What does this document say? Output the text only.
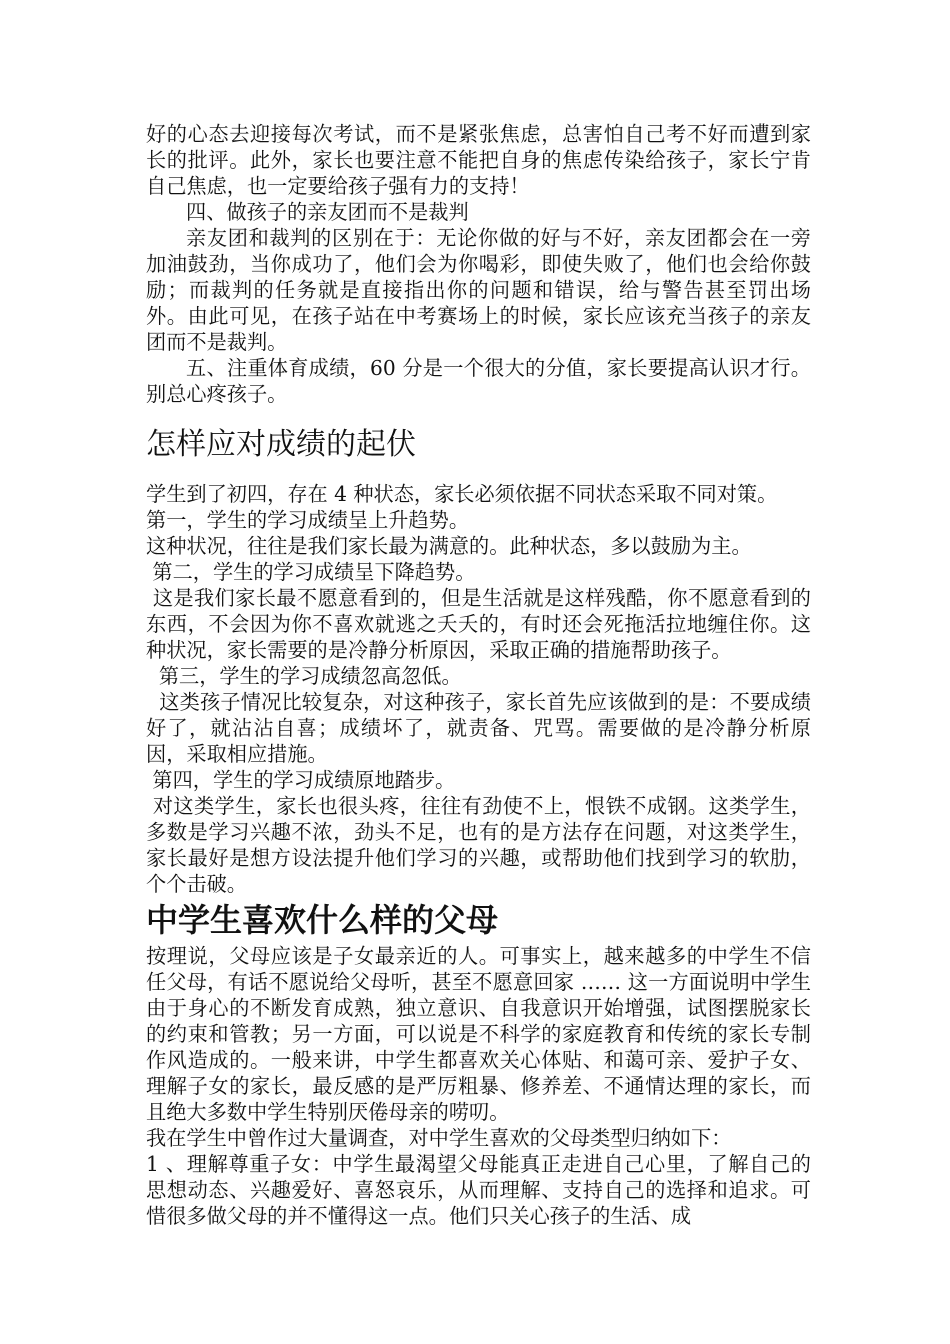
好的心态去迎接每次考试，而不是紧张焦虑，总害怕自己考不好而遭到家长的批评。此外，家长也要注意不能把自身的焦虑传染给孩子，家长宁肯自己焦虑，也一定要给孩子强有力的支持！

四、做孩子的亲友团而不是裁判

亲友团和裁判的区别在于：无论你做的好与不好，亲友团都会在一旁加油鼓劲，当你成功了，他们会为你喝彩，即使失败了，他们也会给你鼓励；而裁判的任务就是直接指出你的问题和错误，给与警告甚至罚出场外。由此可见，在孩子站在中考赛场上的时候，家长应该充当孩子的亲友团而不是裁判。

五、注重体育成绩，60 分是一个很大的分值，家长要提高认识才行。别总心疼孩子。

怎样应对成绩的起伏

学生到了初四，存在 4 种状态，家长必须依据不同状态采取不同对策。

第一，学生的学习成绩呈上升趋势。

这种状况，往往是我们家长最为满意的。此种状态，多以鼓励为主。

第二，学生的学习成绩呈下降趋势。

这是我们家长最不愿意看到的，但是生活就是这样残酷，你不愿意看到的东西，不会因为你不喜欢就逃之夭夭的，有时还会死拖活拉地缠住你。这种状况，家长需要的是冷静分析原因，采取正确的措施帮助孩子。

第三，学生的学习成绩忽高忽低。

这类孩子情况比较复杂，对这种孩子，家长首先应该做到的是：不要成绩好了，就沾沾自喜；成绩坏了，就责备、咒骂。需要做的是冷静分析原因，采取相应措施。

第四，学生的学习成绩原地踏步。

对这类学生，家长也很头疼，往往有劲使不上，恨铁不成钢。这类学生，多数是学习兴趣不浓，劲头不足，也有的是方法存在问题，对这类学生，家长最好是想方设法提升他们学习的兴趣，或帮助他们找到学习的软肋，个个击破。

中学生喜欢什么样的父母

按理说，父母应该是子女最亲近的人。可事实上，越来越多的中学生不信任父母，有话不愿说给父母听，甚至不愿意回家 …… 这一方面说明中学生由于身心的不断发育成熟，独立意识、自我意识开始增强，试图摆脱家长的约束和管教；另一方面，可以说是不科学的家庭教育和传统的家长专制作风造成的。一般来讲，中学生都喜欢关心体贴、和蔼可亲、爱护子女、理解子女的家长，最反感的是严厉粗暴、修养差、不通情达理的家长，而且绝大多数中学生特别厌倦母亲的唠叨。

我在学生中曾作过大量调查，对中学生喜欢的父母类型归纳如下：

1 、理解尊重子女：中学生最渴望父母能真正走进自己心里，了解自己的思想动态、兴趣爱好、喜怒哀乐，从而理解、支持自己的选择和追求。可惜很多做父母的并不懂得这一点。他们只关心孩子的生活、成
